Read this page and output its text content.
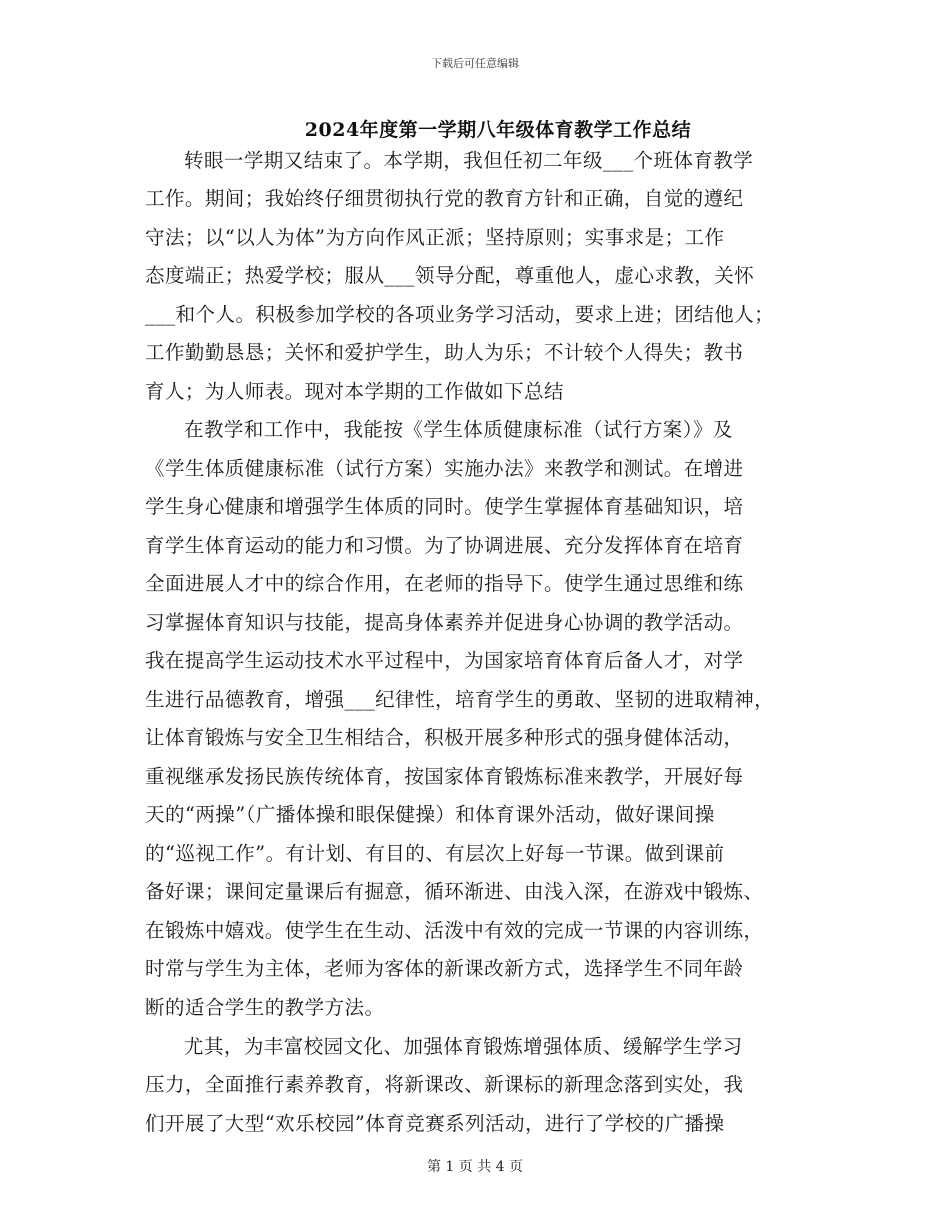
下载后可任意编辑
2024年度第一学期八年级体育教学工作总结
转眼一学期又结束了。本学期，我但任初二年级___个班体育教学
工作。期间；我始终仔细贯彻执行党的教育方针和正确，自觉的遵纪
守法；以“以人为体”为方向作风正派；坚持原则；实事求是；工作
态度端正；热爱学校；服从___领导分配，尊重他人，虚心求教，关怀
___和个人。积极参加学校的各项业务学习活动，要求上进；团结他人；
工作勤勤恳恳；关怀和爱护学生，助人为乐；不计较个人得失；教书
育人；为人师表。现对本学期的工作做如下总结
在教学和工作中，我能按《学生体质健康标准（试行方案）》及
《学生体质健康标准（试行方案）实施办法》来教学和测试。在增进
学生身心健康和增强学生体质的同时。使学生掌握体育基础知识，培
育学生体育运动的能力和习惯。为了协调进展、充分发挥体育在培育
全面进展人才中的综合作用，在老师的指导下。使学生通过思维和练
习掌握体育知识与技能，提高身体素养并促进身心协调的教学活动。
我在提高学生运动技术水平过程中，为国家培育体育后备人才，对学
生进行品德教育，增强___纪律性，培育学生的勇敢、坚韧的进取精神，
让体育锻炼与安全卫生相结合，积极开展多种形式的强身健体活动，
重视继承发扬民族传统体育，按国家体育锻炼标准来教学，开展好每
天的“两操”（广播体操和眼保健操）和体育课外活动，做好课间操
的“巡视工作”。有计划、有目的、有层次上好每一节课。做到课前
备好课；课间定量课后有掘意，循环渐进、由浅入深，在游戏中锻炼、
在锻炼中嬉戏。使学生在生动、活泼中有效的完成一节课的内容训练，
时常与学生为主体，老师为客体的新课改新方式，选择学生不同年龄
断的适合学生的教学方法。
尤其，为丰富校园文化、加强体育锻炼增强体质、缓解学生学习
压力，全面推行素养教育，将新课改、新课标的新理念落到实处，我
们开展了大型“欢乐校园”体育竞赛系列活动，进行了学校的广播操
第 1 页 共 4 页
